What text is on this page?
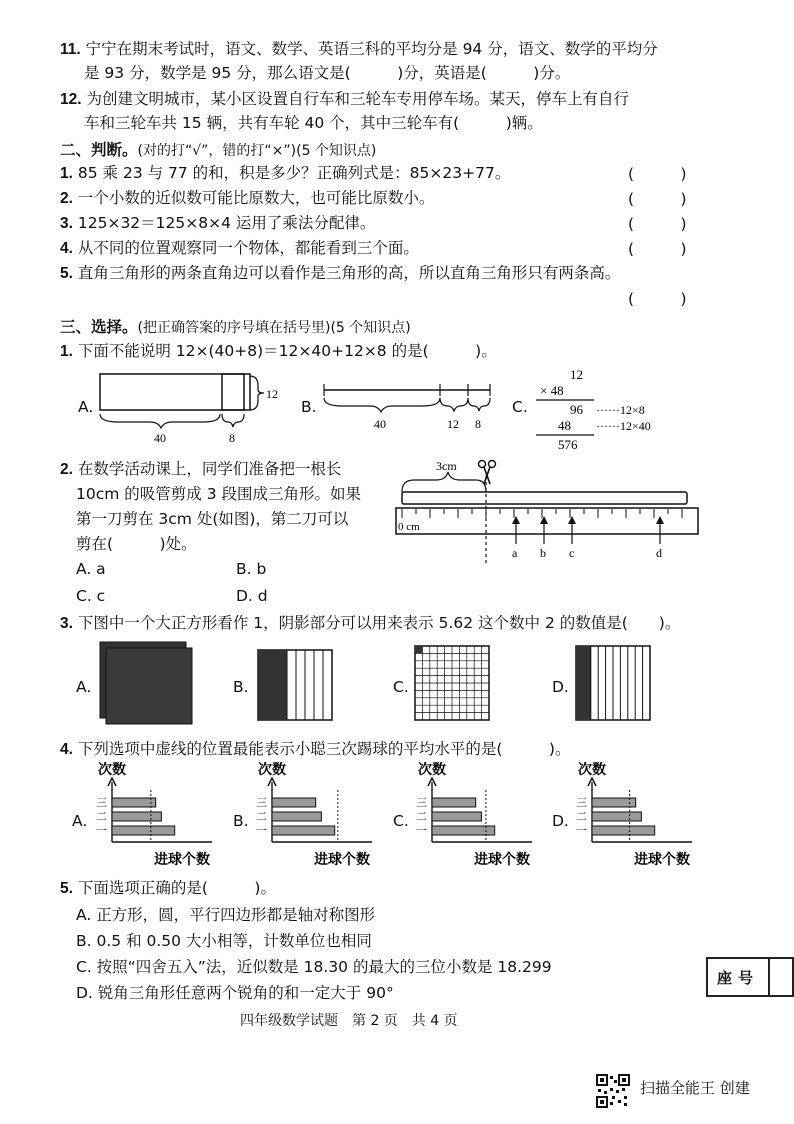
11. 宁宁在期末考试时，语文、数学、英语三科的平均分是 94 分，语文、数学的平均分
是 93 分，数学是 95 分，那么语文是(　　　)分，英语是(　　　)分。
12. 为创建文明城市，某小区设置自行车和三轮车专用停车场。某天，停车上有自行
车和三轮车共 15 辆，共有车轮 40 个，其中三轮车有(　　　)辆。
二、判断。(对的打“√”，错的打“×”)(5 个知识点)
1. 85 乘 23 与 77 的和，积是多少？正确列式是：85×23+77。	(　　　)
2. 一个小数的近似数可能比原数大，也可能比原数小。	(　　　)
3. 125×32＝125×8×4 运用了乘法分配律。	(　　　)
4. 从不同的位置观察同一个物体，都能看到三个面。	(　　　)
5. 直角三角形的两条直角边可以看作是三角形的高，所以直角三角形只有两条高。
(　　　)
三、选择。(把正确答案的序号填在括号里)(5 个知识点)
1. 下面不能说明 12×(40+8)＝12×40+12×8 的是(　　　)。
A.
12
40	8
B.
40	12 8
C.
12
× 48
96 ······12×8
48 ······12×40
576
2. 在数学活动课上，同学们准备把一根长
10cm 的吸管剪成 3 段围成三角形。如果
第一刀剪在 3cm 处(如图)，第二刀可以
剪在(　　　)处。
A. a	B. b
C. c	D. d
3cm
0 cm
a b c	d
3. 下图中一个大正方形看作 1，阴影部分可以用来表示 5.62 这个数中 2 的数值是(　　)。
A.	B.	C.	D.
4. 下列选项中虚线的位置最能表示小聪三次踢球的平均水平的是(　　　)。
A.	B.	C.	D.
次数
三
二
一
进球个数
次数
三
二
一
进球个数
次数
三
二
一
进球个数
次数
三
二
一
进球个数
5. 下面选项正确的是(　　　)。
A. 正方形，圆，平行四边形都是轴对称图形
B. 0.5 和 0.50 大小相等，计数单位也相同
C. 按照“四舍五入”法，近似数是 18.30 的最大的三位小数是 18.299
D. 锐角三角形任意两个锐角的和一定大于 90°
座号
四年级数学试题　第 2 页　共 4 页
扫描全能王 创建
